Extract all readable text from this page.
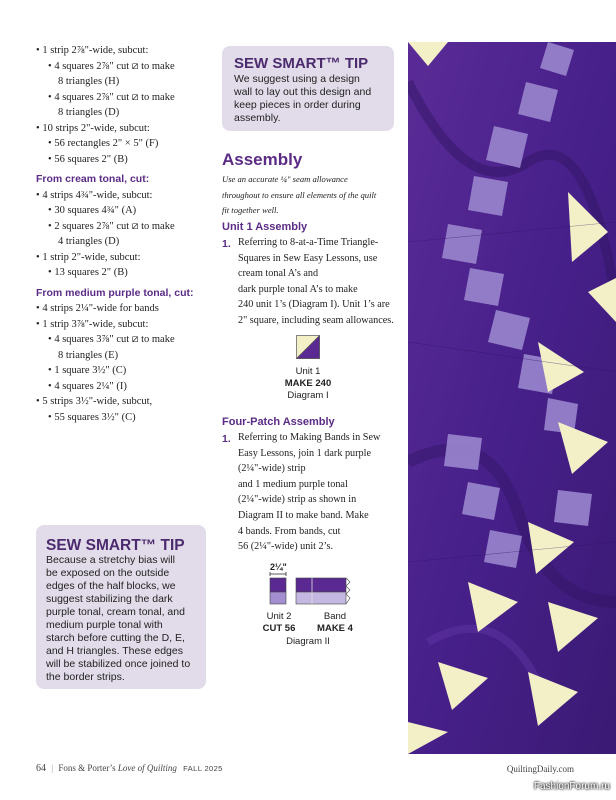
• 1 strip 2⅞"-wide, subcut:
• 4 squares 2⅞" cut ⧄ to make
8 triangles (H)
• 4 squares 2⅞" cut ⧄ to make
8 triangles (D)
• 10 strips 2"-wide, subcut:
• 56 rectangles 2" × 5" (F)
• 56 squares 2" (B)
From cream tonal, cut:
• 4 strips 4¾"-wide, subcut:
• 30 squares 4¾" (A)
• 2 squares 2⅞" cut ⧄ to make
4 triangles (D)
• 1 strip 2"-wide, subcut:
• 13 squares 2" (B)
From medium purple tonal, cut:
• 4 strips 2¼"-wide for bands
• 1 strip 3⅞"-wide, subcut:
• 4 squares 3⅞" cut ⧄ to make
8 triangles (E)
• 1 square 3½" (C)
• 4 squares 2¼" (I)
• 5 strips 3½"-wide, subcut,
• 55 squares 3½" (C)
SEW SMART™ TIP
We suggest using a design
wall to lay out this design and
keep pieces in order during
assembly.
Assembly
Use an accurate ¼" seam allowance
throughout to ensure all elements of the quilt
fit together well.
Unit 1 Assembly
1. Referring to 8-at-a-Time Triangle-
Squares in Sew Easy Lessons, use
cream tonal A’s and
dark purple tonal A’s to make
240 unit 1’s (Diagram I). Unit 1’s are
2" square, including seam allowances.
Unit 1
MAKE 240
Diagram I
Four-Patch Assembly
1. Referring to Making Bands in Sew
Easy Lessons, join 1 dark purple
(2¼"-wide) strip
and 1 medium purple tonal
(2¼"-wide) strip as shown in
Diagram II to make band. Make
4 bands. From bands, cut
56 (2¼"-wide) unit 2’s.
2¼"
Unit 2
CUT 56
Band
MAKE 4
Diagram II
SEW SMART™ TIP
Because a stretchy bias will
be exposed on the outside
edges of the half blocks, we
suggest stabilizing the dark
purple tonal, cream tonal, and
medium purple tonal with
starch before cutting the D, E,
and H triangles. These edges
will be stabilized once joined to
the border strips.
64 | Fons & Porter’s Love of Quilting FALL 2025	QuiltingDaily.com
FashionForum.ru
